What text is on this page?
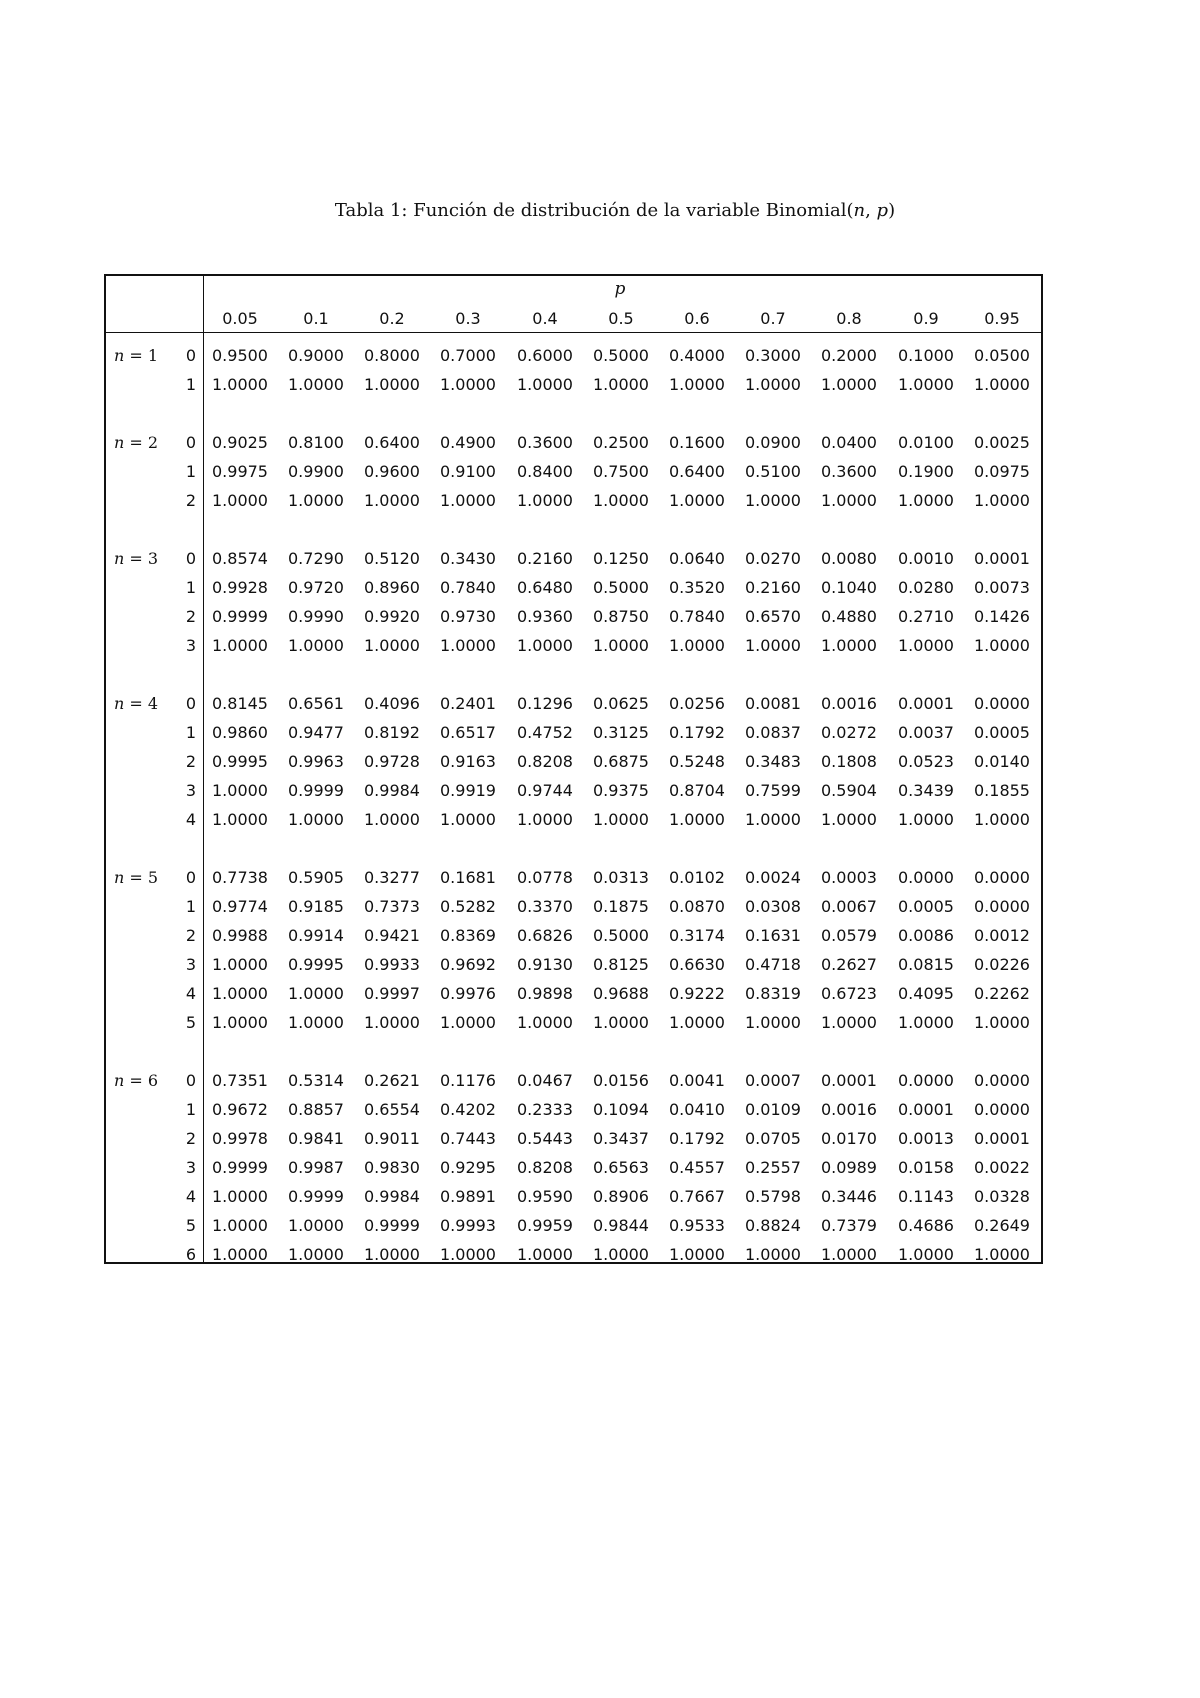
Tabla 1: Función de distribución de la variable Binomial(n, p)
p
0.05	0.1	0.2	0.3	0.4	0.5	0.6	0.7	0.8	0.9	0.95
n = 1	0	0.9500	0.9000	0.8000	0.7000	0.6000	0.5000	0.4000	0.3000	0.2000	0.1000	0.0500
1	1.0000	1.0000	1.0000	1.0000	1.0000	1.0000	1.0000	1.0000	1.0000	1.0000	1.0000
n = 2	0	0.9025	0.8100	0.6400	0.4900	0.3600	0.2500	0.1600	0.0900	0.0400	0.0100	0.0025
1	0.9975	0.9900	0.9600	0.9100	0.8400	0.7500	0.6400	0.5100	0.3600	0.1900	0.0975
2	1.0000	1.0000	1.0000	1.0000	1.0000	1.0000	1.0000	1.0000	1.0000	1.0000	1.0000
n = 3	0	0.8574	0.7290	0.5120	0.3430	0.2160	0.1250	0.0640	0.0270	0.0080	0.0010	0.0001
1	0.9928	0.9720	0.8960	0.7840	0.6480	0.5000	0.3520	0.2160	0.1040	0.0280	0.0073
2	0.9999	0.9990	0.9920	0.9730	0.9360	0.8750	0.7840	0.6570	0.4880	0.2710	0.1426
3	1.0000	1.0000	1.0000	1.0000	1.0000	1.0000	1.0000	1.0000	1.0000	1.0000	1.0000
n = 4	0	0.8145	0.6561	0.4096	0.2401	0.1296	0.0625	0.0256	0.0081	0.0016	0.0001	0.0000
1	0.9860	0.9477	0.8192	0.6517	0.4752	0.3125	0.1792	0.0837	0.0272	0.0037	0.0005
2	0.9995	0.9963	0.9728	0.9163	0.8208	0.6875	0.5248	0.3483	0.1808	0.0523	0.0140
3	1.0000	0.9999	0.9984	0.9919	0.9744	0.9375	0.8704	0.7599	0.5904	0.3439	0.1855
4	1.0000	1.0000	1.0000	1.0000	1.0000	1.0000	1.0000	1.0000	1.0000	1.0000	1.0000
n = 5	0	0.7738	0.5905	0.3277	0.1681	0.0778	0.0313	0.0102	0.0024	0.0003	0.0000	0.0000
1	0.9774	0.9185	0.7373	0.5282	0.3370	0.1875	0.0870	0.0308	0.0067	0.0005	0.0000
2	0.9988	0.9914	0.9421	0.8369	0.6826	0.5000	0.3174	0.1631	0.0579	0.0086	0.0012
3	1.0000	0.9995	0.9933	0.9692	0.9130	0.8125	0.6630	0.4718	0.2627	0.0815	0.0226
4	1.0000	1.0000	0.9997	0.9976	0.9898	0.9688	0.9222	0.8319	0.6723	0.4095	0.2262
5	1.0000	1.0000	1.0000	1.0000	1.0000	1.0000	1.0000	1.0000	1.0000	1.0000	1.0000
n = 6	0	0.7351	0.5314	0.2621	0.1176	0.0467	0.0156	0.0041	0.0007	0.0001	0.0000	0.0000
1	0.9672	0.8857	0.6554	0.4202	0.2333	0.1094	0.0410	0.0109	0.0016	0.0001	0.0000
2	0.9978	0.9841	0.9011	0.7443	0.5443	0.3437	0.1792	0.0705	0.0170	0.0013	0.0001
3	0.9999	0.9987	0.9830	0.9295	0.8208	0.6563	0.4557	0.2557	0.0989	0.0158	0.0022
4	1.0000	0.9999	0.9984	0.9891	0.9590	0.8906	0.7667	0.5798	0.3446	0.1143	0.0328
5	1.0000	1.0000	0.9999	0.9993	0.9959	0.9844	0.9533	0.8824	0.7379	0.4686	0.2649
6	1.0000	1.0000	1.0000	1.0000	1.0000	1.0000	1.0000	1.0000	1.0000	1.0000	1.0000
